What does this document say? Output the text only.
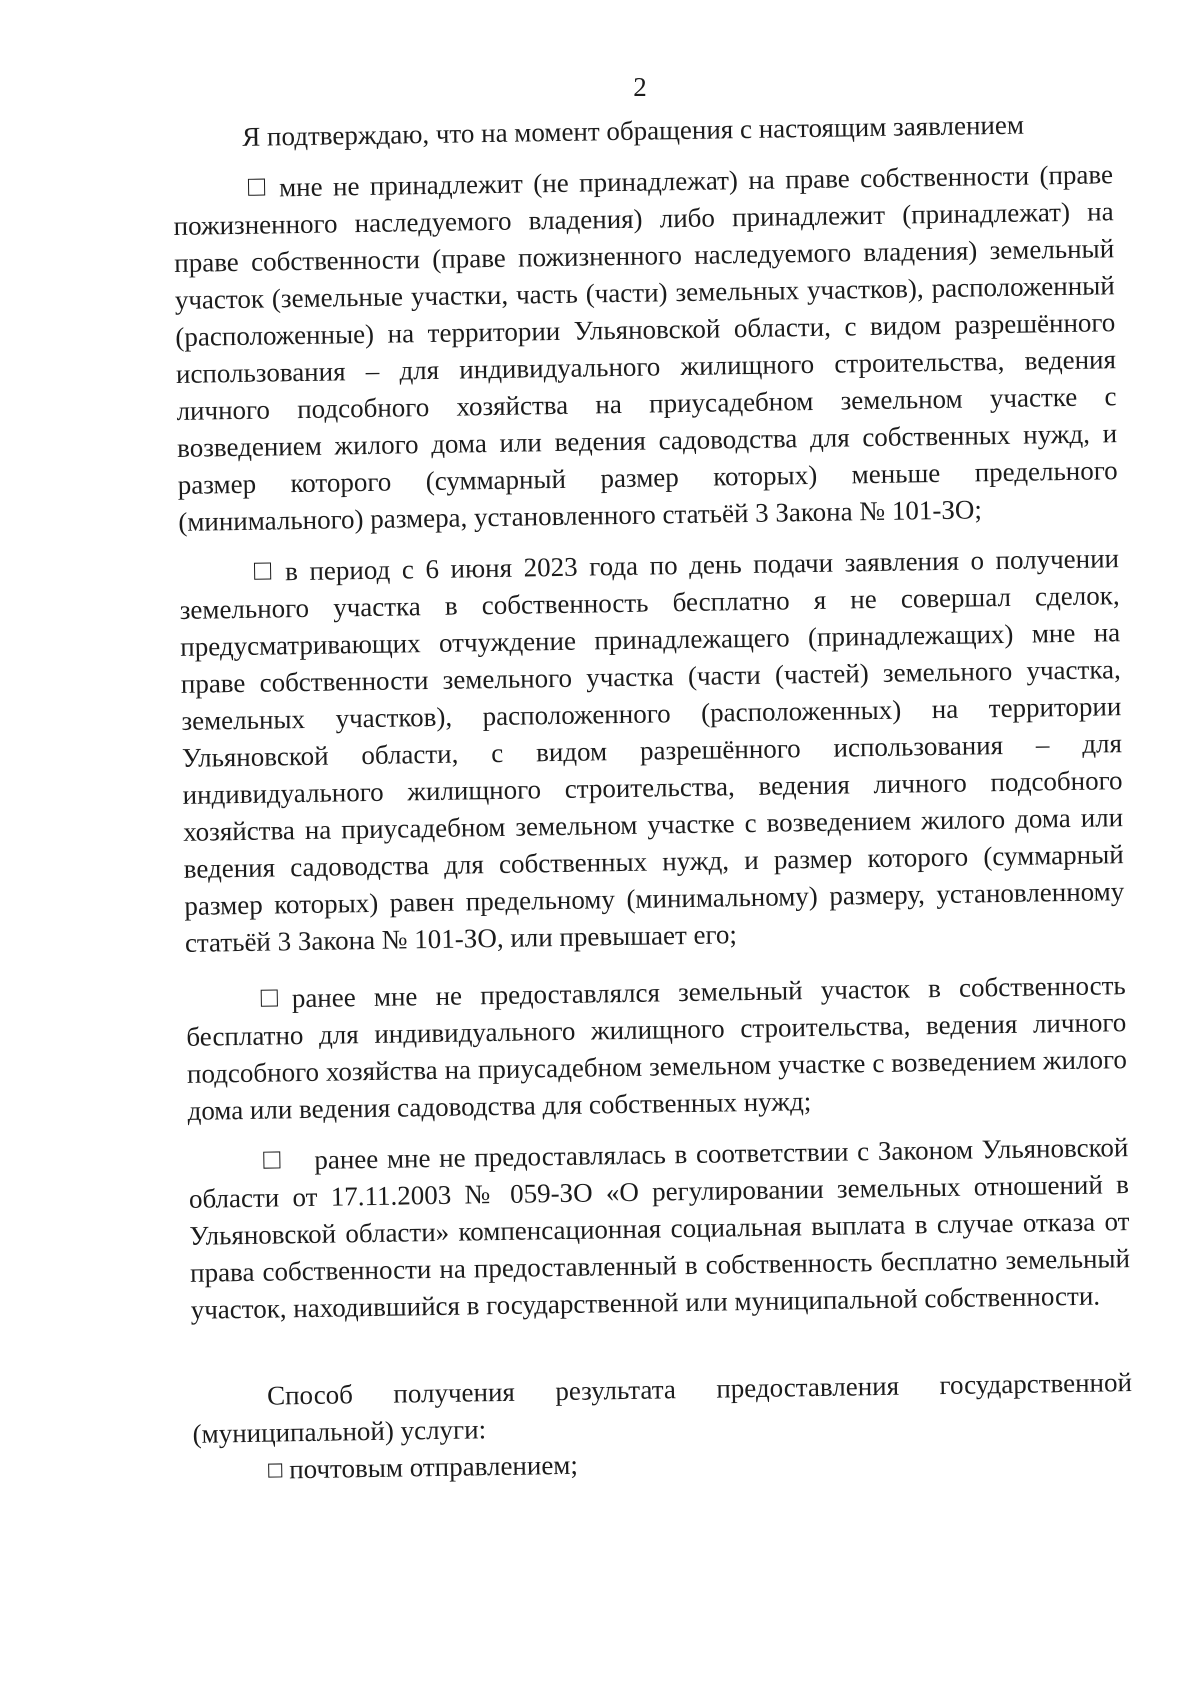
2

Я подтверждаю, что на момент обращения с настоящим заявлением

мне не принадлежит (не принадлежат) на праве собственности (праве пожизненного наследуемого владения) либо принадлежит (принадлежат) на праве собственности (праве пожизненного наследуемого владения) земельный участок (земельные участки, часть (части) земельных участков), расположенный (расположенные) на территории Ульяновской области, с видом разрешённого использования – для индивидуального жилищного строительства, ведения личного подсобного хозяйства на приусадебном земельном участке с возведением жилого дома или ведения садоводства для собственных нужд, и размер которого (суммарный размер которых) меньше предельного (минимального) размера, установленного статьёй 3 Закона № 101-ЗО;

в период с 6 июня 2023 года по день подачи заявления о получении земельного участка в собственность бесплатно я не совершал сделок, предусматривающих отчуждение принадлежащего (принадлежащих) мне на праве собственности земельного участка (части (частей) земельного участка, земельных участков), расположенного (расположенных) на территории Ульяновской области, с видом разрешённого использования – для индивидуального жилищного строительства, ведения личного подсобного хозяйства на приусадебном земельном участке с возведением жилого дома или ведения садоводства для собственных нужд, и размер которого (суммарный размер которых) равен предельному (минимальному) размеру, установленному статьёй 3 Закона № 101-ЗО, или превышает его;

ранее мне не предоставлялся земельный участок в собственность бесплатно для индивидуального жилищного строительства, ведения личного подсобного хозяйства на приусадебном земельном участке с возведением жилого дома или ведения садоводства для собственных нужд;

ранее мне не предоставлялась в соответствии с Законом Ульяновской области от 17.11.2003 № 059-ЗО «О регулировании земельных отношений в Ульяновской области» компенсационная социальная выплата в случае отказа от права собственности на предоставленный в собственность бесплатно земельный участок, находившийся в государственной или муниципальной собственности.

Способ получения результата предоставления государственной (муниципальной) услуги:

почтовым отправлением;
